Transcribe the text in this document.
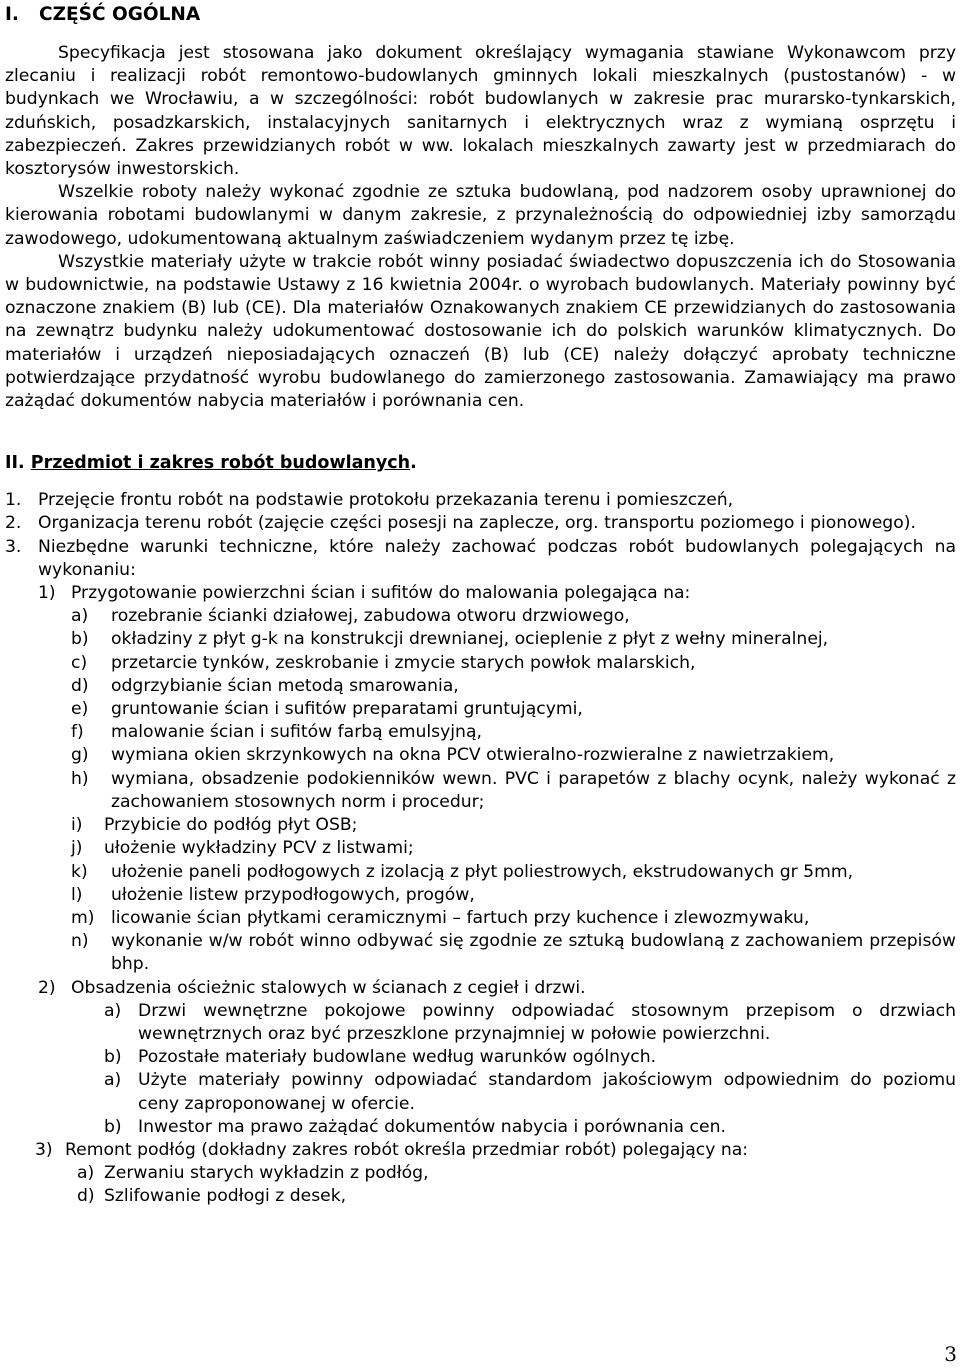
I. CZĘŚĆ OGÓLNA

Specyfikacja jest stosowana jako dokument określający wymagania stawiane Wykonawcom przy zlecaniu i realizacji robót remontowo-budowlanych gminnych lokali mieszkalnych (pustostanów) - w budynkach we Wrocławiu, a w szczególności: robót budowlanych w zakresie prac murarsko-tynkarskich, zduńskich, posadzkarskich, instalacyjnych sanitarnych i elektrycznych wraz z wymianą osprzętu i zabezpieczeń. Zakres przewidzianych robót w ww. lokalach mieszkalnych zawarty jest w przedmiarach do kosztorysów inwestorskich.

Wszelkie roboty należy wykonać zgodnie ze sztuka budowlaną, pod nadzorem osoby uprawnionej do kierowania robotami budowlanymi w danym zakresie, z przynależnością do odpowiedniej izby samorządu zawodowego, udokumentowaną aktualnym zaświadczeniem wydanym przez tę izbę.

Wszystkie materiały użyte w trakcie robót winny posiadać świadectwo dopuszczenia ich do Stosowania w budownictwie, na podstawie Ustawy z 16 kwietnia 2004r. o wyrobach budowlanych. Materiały powinny być oznaczone znakiem (B) lub (CE). Dla materiałów Oznakowanych znakiem CE przewidzianych do zastosowania na zewnątrz budynku należy udokumentować dostosowanie ich do polskich warunków klimatycznych. Do materiałów i urządzeń nieposiadających oznaczeń (B) lub (CE) należy dołączyć aprobaty techniczne potwierdzające przydatność wyrobu budowlanego do zamierzonego zastosowania. Zamawiający ma prawo zażądać dokumentów nabycia materiałów i porównania cen.

II. Przedmiot i zakres robót budowlanych.
1. Przejęcie frontu robót na podstawie protokołu przekazania terenu i pomieszczeń,
2. Organizacja terenu robót (zajęcie części posesji na zaplecze, org. transportu poziomego i pionowego).
3. Niezbędne warunki techniczne, które należy zachować podczas robót budowlanych polegających na wykonaniu:
1) Przygotowanie powierzchni ścian i sufitów do malowania polegająca na:
a) rozebranie ścianki działowej, zabudowa otworu drzwiowego,
b) okładziny z płyt g-k na konstrukcji drewnianej, ocieplenie z płyt z wełny mineralnej,
c) przetarcie tynków, zeskrobanie i zmycie starych powłok malarskich,
d) odgrzybianie ścian metodą smarowania,
e) gruntowanie ścian i sufitów preparatami gruntującymi,
f) malowanie ścian i sufitów farbą emulsyjną,
g) wymiana okien skrzynkowych na okna PCV otwieralno-rozwieralne z nawietrzakiem,
h) wymiana, obsadzenie podokienników wewn. PVC i parapetów z blachy ocynk, należy wykonać z zachowaniem stosownych norm i procedur;
i) Przybicie do podłóg płyt OSB;
j) ułożenie wykładziny PCV z listwami;
k) ułożenie paneli podłogowych z izolacją z płyt poliestrowych, ekstrudowanych gr 5mm,
l) ułożenie listew przypodłogowych, progów,
m) licowanie ścian płytkami ceramicznymi – fartuch przy kuchence i zlewozmywaku,
n) wykonanie w/w robót winno odbywać się zgodnie ze sztuką budowlaną z zachowaniem przepisów bhp.
2) Obsadzenia ościeżnic stalowych w ścianach z cegieł i drzwi.
a) Drzwi wewnętrzne pokojowe powinny odpowiadać stosownym przepisom o drzwiach wewnętrznych oraz być przeszklone przynajmniej w połowie powierzchni.
b) Pozostałe materiały budowlane według warunków ogólnych.
a) Użyte materiały powinny odpowiadać standardom jakościowym odpowiednim do poziomu ceny zaproponowanej w ofercie.
b) Inwestor ma prawo zażądać dokumentów nabycia i porównania cen.
3) Remont podłóg (dokładny zakres robót określa przedmiar robót) polegający na:
a) Zerwaniu starych wykładzin z podłóg,
d) Szlifowanie podłogi z desek,
3
